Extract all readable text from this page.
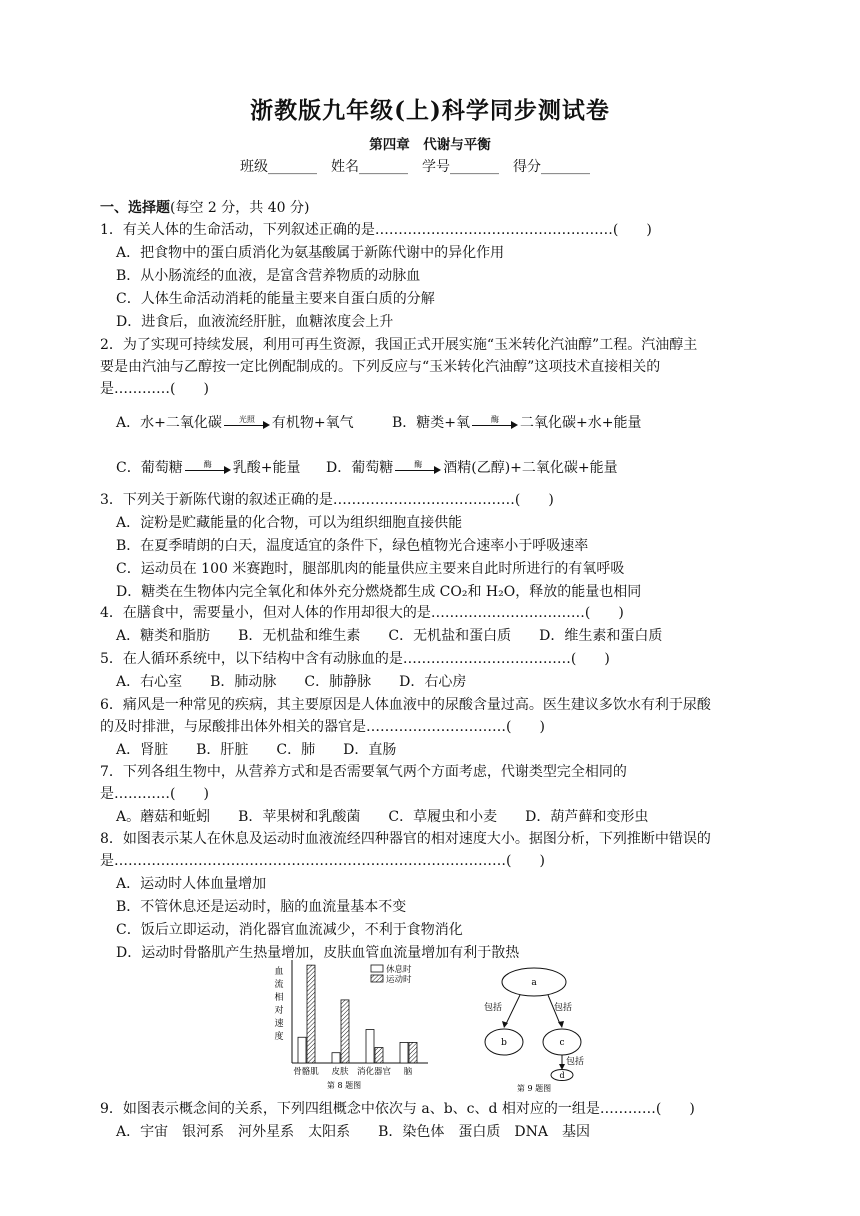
浙教版九年级(上)科学同步测试卷
第四章　代谢与平衡
班级_______　姓名_______　学号_______　得分_______
一、选择题(每空 2 分，共 40 分)
1．有关人体的生命活动，下列叙述正确的是……………………………………………(　　)
A．把食物中的蛋白质消化为氨基酸属于新陈代谢中的异化作用
B．从小肠流经的血液，是富含营养物质的动脉血
C．人体生命活动消耗的能量主要来自蛋白质的分解
D．进食后，血液流经肝脏，血糖浓度会上升
2．为了实现可持续发展，利用可再生资源，我国正式开展实施“玉米转化汽油醇”工程。汽油醇主
要是由汽油与乙醇按一定比例配制成的。下列反应与“玉米转化汽油醇”这项技术直接相关的
是…………(　　)
A．水+二氧化碳	光照	有机物+氧气	B．糖类+氧	酶	二氧化碳+水+能量
C．葡萄糖	酶	乳酸+能量 D．葡萄糖	酶	酒精(乙醇)+二氧化碳+能量
3．下列关于新陈代谢的叙述正确的是…………………………………(　　)
A．淀粉是贮藏能量的化合物，可以为组织细胞直接供能
B．在夏季晴朗的白天，温度适宜的条件下，绿色植物光合速率小于呼吸速率
C．运动员在 100 米赛跑时，腿部肌肉的能量供应主要来自此时所进行的有氧呼吸
D．糖类在生物体内完全氧化和体外充分燃烧都生成 CO₂和 H₂O，释放的能量也相同
4．在膳食中，需要量小，但对人体的作用却很大的是……………………………(　　)
A．糖类和脂肪　　B．无机盐和维生素　　C．无机盐和蛋白质　　D．维生素和蛋白质
5．在人循环系统中，以下结构中含有动脉血的是………………………………(　　)
A．右心室　　B．肺动脉　　C．肺静脉　　D．右心房
6．痛风是一种常见的疾病，其主要原因是人体血液中的尿酸含量过高。医生建议多饮水有利于尿酸
的及时排泄，与尿酸排出体外相关的器官是…………………………(　　)
A．肾脏　　B．肝脏　　C．肺　　D．直肠
7．下列各组生物中，从营养方式和是否需要氧气两个方面考虑，代谢类型完全相同的
是…………(　　)
A。蘑菇和蚯蚓　　B．苹果树和乳酸菌　　C．草履虫和小麦　　D．葫芦藓和变形虫
8．如图表示某人在休息及运动时血液流经四种器官的相对速度大小。据图分析，下列推断中错误的
是…………………………………………………………………………(　　)
A．运动时人体血量增加
B．不管休息还是运动时，脑的血流量基本不变
C．饭后立即运动，消化器官血流减少，不利于食物消化
D．运动时骨骼肌产生热量增加，皮肤血管血流量增加有利于散热
血
流
相
对
速
度
骨骼肌 皮肤 消化器官 脑
休息时
运动时
第 8 题图
a
包括	包括
b	c
包括
d
第 9 题图
9．如图表示概念间的关系，下列四组概念中依次与 a、b、c、d 相对应的一组是…………(　　)
A．宇宙　银河系　河外星系　太阳系　　B．染色体　蛋白质　DNA　基因
